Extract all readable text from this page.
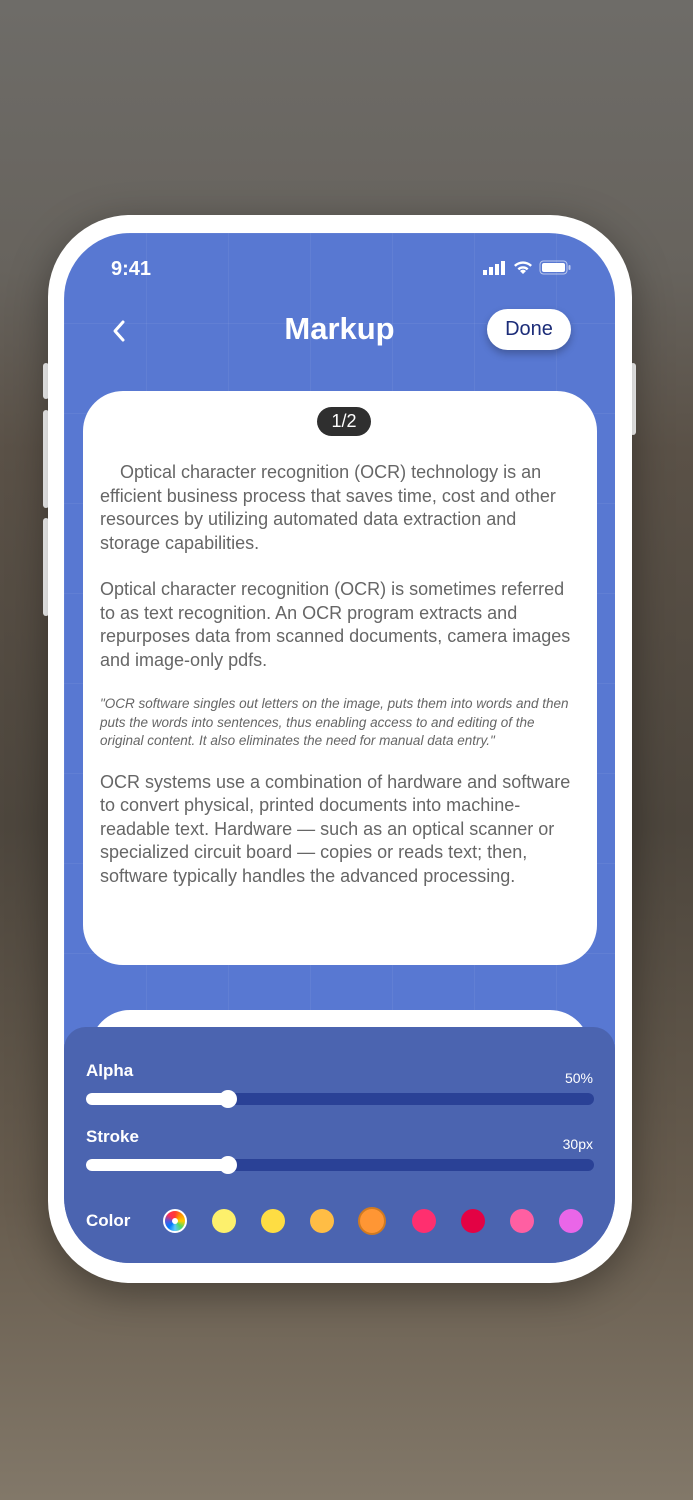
9:41
Markup	Done
1/2

Optical character recognition (OCR) technology is an efficient business process that saves time, cost and other resources by utilizing automated data extraction and storage capabilities.

Optical character recognition (OCR) is sometimes referred to as text recognition. An OCR program extracts and repurposes data from scanned documents, camera images and image-only pdfs.

"OCR software singles out letters on the image, puts them into words and then puts the words into sentences, thus enabling access to and editing of the original content. It also eliminates the need for manual data entry."

OCR systems use a combination of hardware and software to convert physical, printed documents into machine-readable text. Hardware — such as an optical scanner or specialized circuit board — copies or reads text; then, software typically handles the advanced processing.

Alpha	50%
Stroke	30px
Color
